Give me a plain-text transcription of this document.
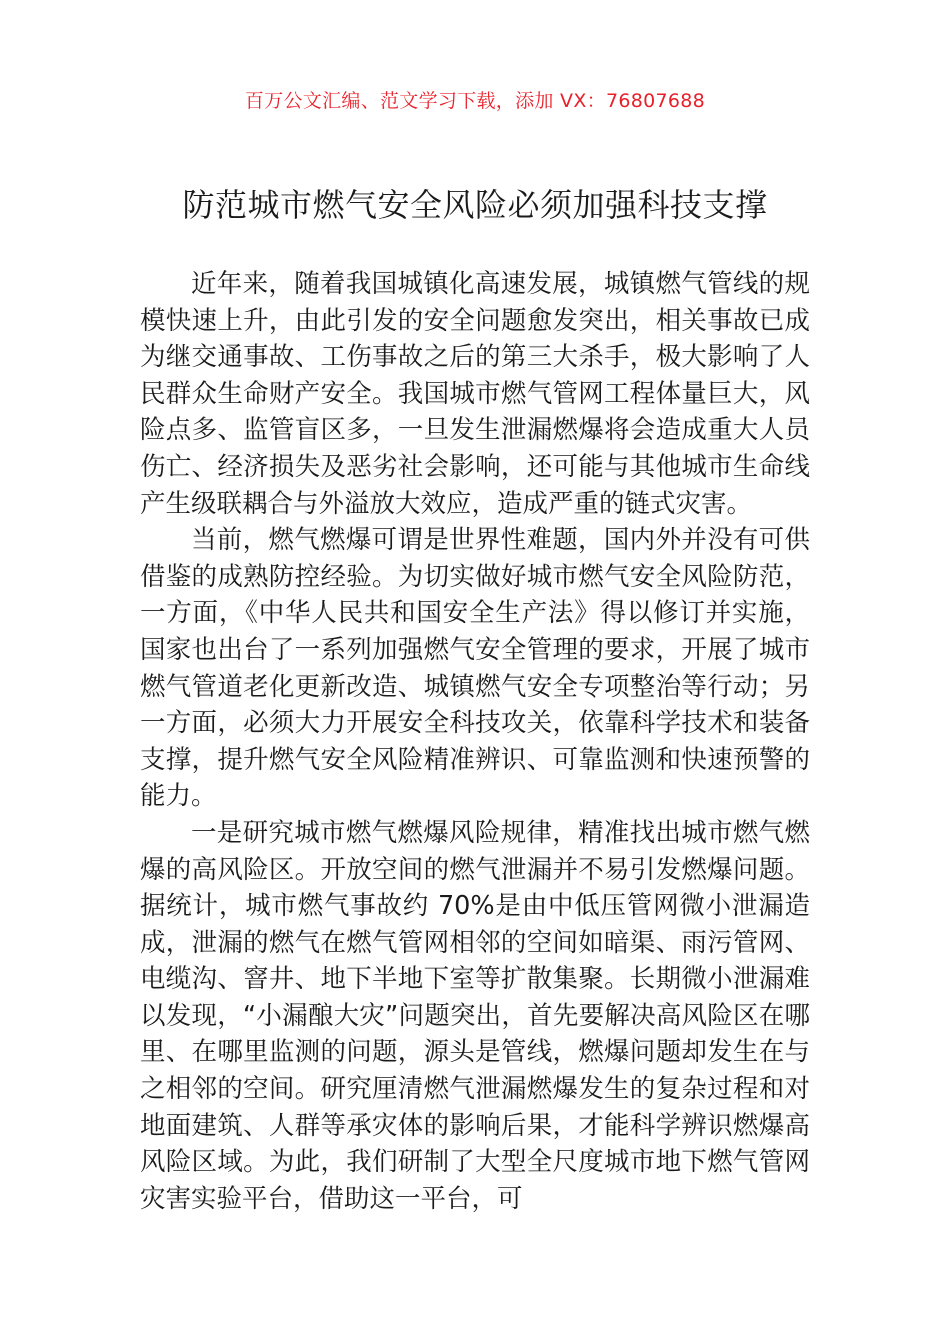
百万公文汇编、范文学习下载，添加 VX：76807688
防范城市燃气安全风险必须加强科技支撑

近年来，随着我国城镇化高速发展，城镇燃气管线的规模快速上升，由此引发的安全问题愈发突出，相关事故已成为继交通事故、工伤事故之后的第三大杀手，极大影响了人民群众生命财产安全。我国城市燃气管网工程体量巨大，风险点多、监管盲区多，一旦发生泄漏燃爆将会造成重大人员伤亡、经济损失及恶劣社会影响，还可能与其他城市生命线产生级联耦合与外溢放大效应，造成严重的链式灾害。

当前，燃气燃爆可谓是世界性难题，国内外并没有可供借鉴的成熟防控经验。为切实做好城市燃气安全风险防范，一方面，《中华人民共和国安全生产法》得以修订并实施，国家也出台了一系列加强燃气安全管理的要求，开展了城市燃气管道老化更新改造、城镇燃气安全专项整治等行动；另一方面，必须大力开展安全科技攻关，依靠科学技术和装备支撑，提升燃气安全风险精准辨识、可靠监测和快速预警的能力。

一是研究城市燃气燃爆风险规律，精准找出城市燃气燃爆的高风险区。开放空间的燃气泄漏并不易引发燃爆问题。据统计，城市燃气事故约 70%是由中低压管网微小泄漏造成，泄漏的燃气在燃气管网相邻的空间如暗渠、雨污管网、电缆沟、窨井、地下半地下室等扩散集聚。长期微小泄漏难以发现，“小漏酿大灾”问题突出，首先要解决高风险区在哪里、在哪里监测的问题，源头是管线，燃爆问题却发生在与之相邻的空间。研究厘清燃气泄漏燃爆发生的复杂过程和对地面建筑、人群等承灾体的影响后果，才能科学辨识燃爆高风险区域。为此，我们研制了大型全尺度城市地下燃气管网灾害实验平台，借助这一平台，可
